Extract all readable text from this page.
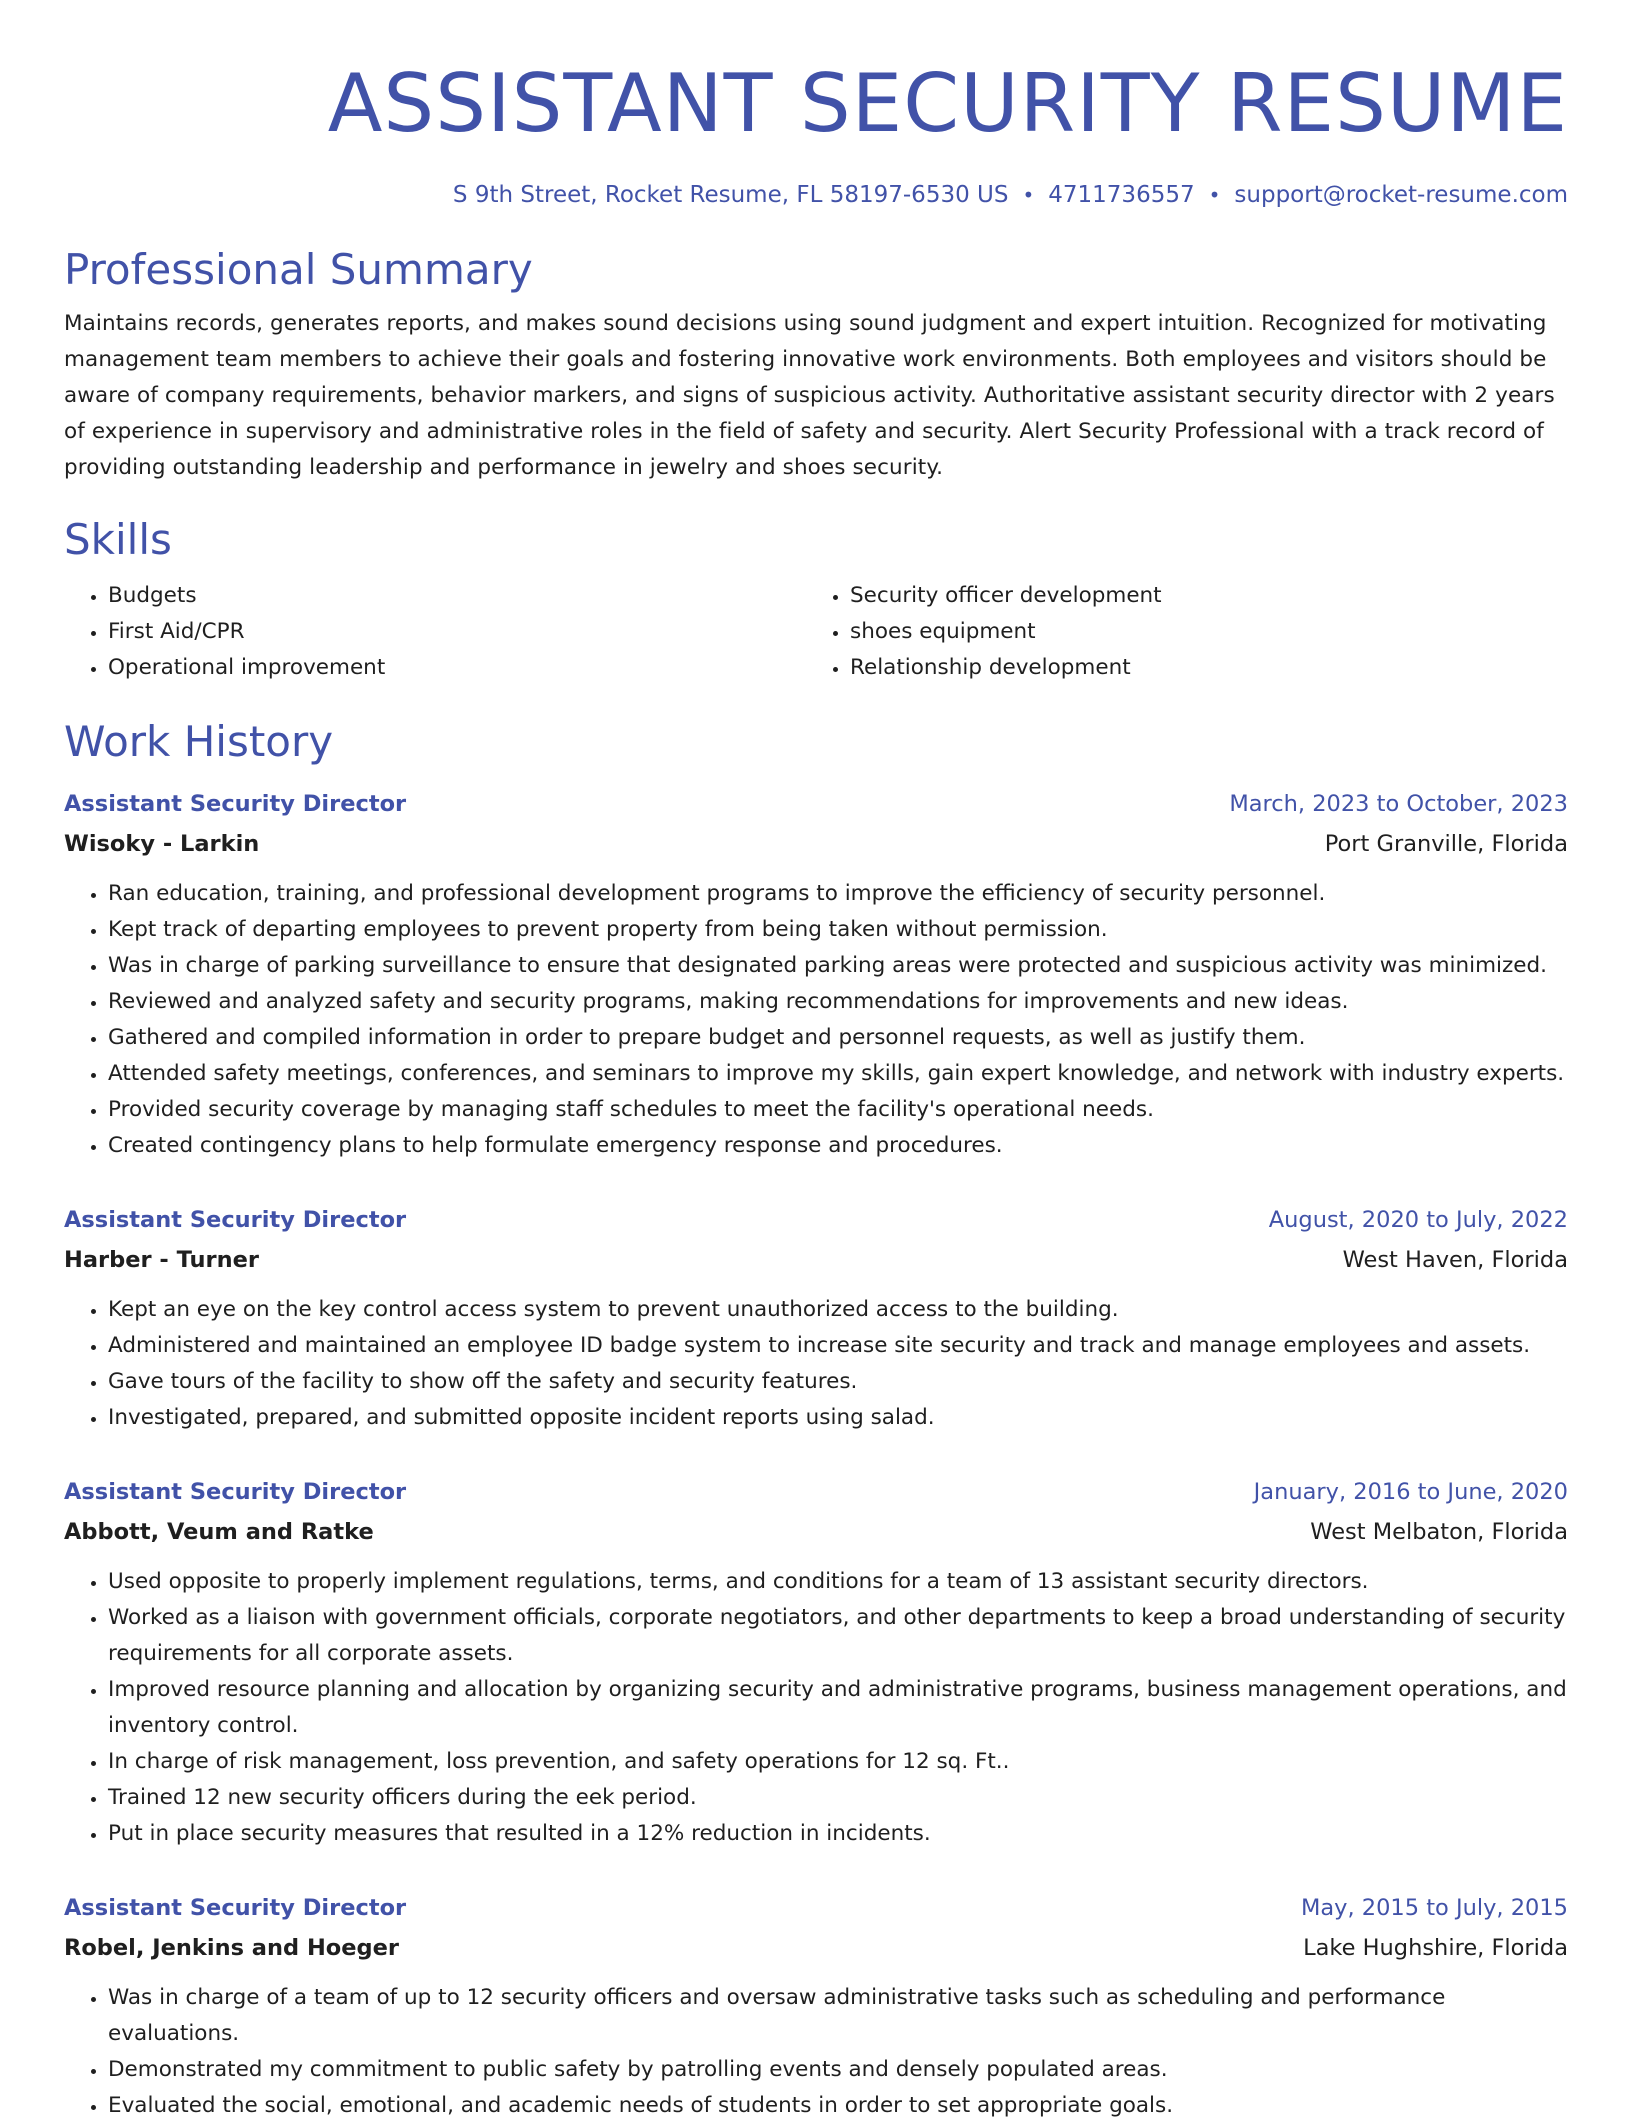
ASSISTANT SECURITY RESUME
S 9th Street, Rocket Resume, FL 58197-6530 US • 4711736557 • support@rocket-resume.com
Professional Summary

Maintains records, generates reports, and makes sound decisions using sound judgment and expert intuition. Recognized for motivating management team members to achieve their goals and fostering innovative work environments. Both employees and visitors should be aware of company requirements, behavior markers, and signs of suspicious activity. Authoritative assistant security director with 2 years of experience in supervisory and administrative roles in the field of safety and security. Alert Security Professional with a track record of providing outstanding leadership and performance in jewelry and shoes security.

Skills
• Budgets
• First Aid/CPR
• Operational improvement
• Security officer development
• shoes equipment
• Relationship development
Work History
Assistant Security Director	March, 2023 to October, 2023
Wisoky - Larkin	Port Granville, Florida
• Ran education, training, and professional development programs to improve the efficiency of security personnel.
• Kept track of departing employees to prevent property from being taken without permission.
• Was in charge of parking surveillance to ensure that designated parking areas were protected and suspicious activity was minimized.
• Reviewed and analyzed safety and security programs, making recommendations for improvements and new ideas.
• Gathered and compiled information in order to prepare budget and personnel requests, as well as justify them.
• Attended safety meetings, conferences, and seminars to improve my skills, gain expert knowledge, and network with industry experts.
• Provided security coverage by managing staff schedules to meet the facility's operational needs.
• Created contingency plans to help formulate emergency response and procedures.
Assistant Security Director	August, 2020 to July, 2022
Harber - Turner	West Haven, Florida
• Kept an eye on the key control access system to prevent unauthorized access to the building.
• Administered and maintained an employee ID badge system to increase site security and track and manage employees and assets.
• Gave tours of the facility to show off the safety and security features.
• Investigated, prepared, and submitted opposite incident reports using salad.
Assistant Security Director	January, 2016 to June, 2020
Abbott, Veum and Ratke	West Melbaton, Florida
• Used opposite to properly implement regulations, terms, and conditions for a team of 13 assistant security directors.
• Worked as a liaison with government officials, corporate negotiators, and other departments to keep a broad understanding of security requirements for all corporate assets.
• Improved resource planning and allocation by organizing security and administrative programs, business management operations, and inventory control.
• In charge of risk management, loss prevention, and safety operations for 12 sq. Ft..
• Trained 12 new security officers during the eek period.
• Put in place security measures that resulted in a 12% reduction in incidents.
Assistant Security Director	May, 2015 to July, 2015
Robel, Jenkins and Hoeger	Lake Hughshire, Florida
• Was in charge of a team of up to 12 security officers and oversaw administrative tasks such as scheduling and performance evaluations.
• Demonstrated my commitment to public safety by patrolling events and densely populated areas.
• Evaluated the social, emotional, and academic needs of students in order to set appropriate goals.
